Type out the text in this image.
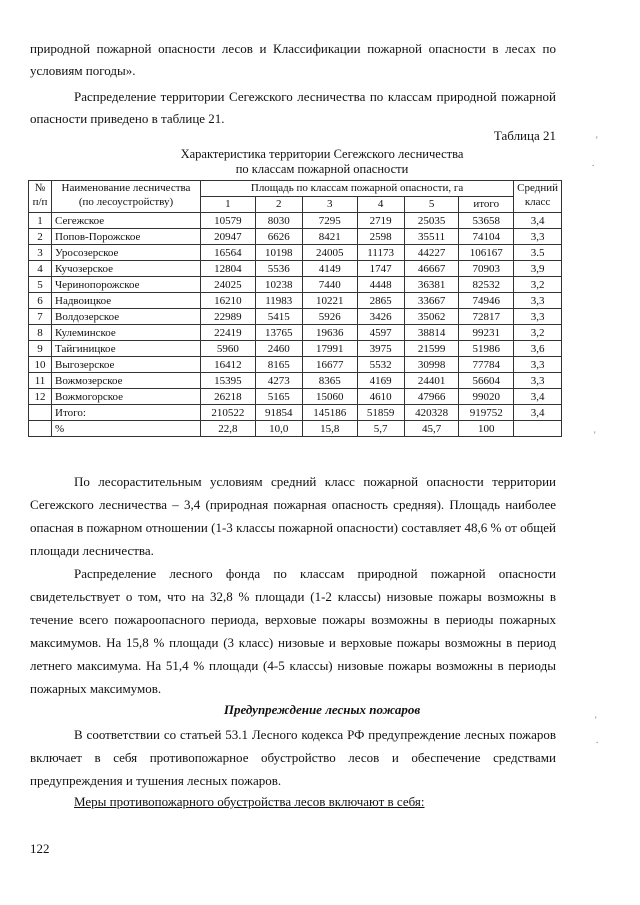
природной пожарной опасности лесов и Классификации пожарной опасности в лесах по
условиям погоды».

Распределение территории Сегежского лесничества по классам природной пожарной опасности приведено в таблице 21.

Таблица 21
Характеристика территории Сегежского лесничества
по классам пожарной опасности
№ п/п	Наименование лесничества (по лесоустройству)	Площадь по классам пожарной опасности, га						Средний класс
		1	2	3	4	5	итого	
1	Сегежское	10579	8030	7295	2719	25035	53658	3,4
2	Попов-Порожское	20947	6626	8421	2598	35511	74104	3,3
3	Уросозерское	16564	10198	24005	11173	44227	106167	3.5
4	Кучозерское	12804	5536	4149	1747	46667	70903	3,9
5	Черинопорожское	24025	10238	7440	4448	36381	82532	3,2
6	Надвоицкое	16210	11983	10221	2865	33667	74946	3,3
7	Волдозерское	22989	5415	5926	3426	35062	72817	3,3
8	Кулеминское	22419	13765	19636	4597	38814	99231	3,2
9	Тайгиницкое	5960	2460	17991	3975	21599	51986	3,6
10	Выгозерское	16412	8165	16677	5532	30998	77784	3,3
11	Вожмозерское	15395	4273	8365	4169	24401	56604	3,3
12	Вожмогорское	26218	5165	15060	4610	47966	99020	3,4
	Итого:	210522	91854	145186	51859	420328	919752	3,4
	%	22,8	10,0	15,8	5,7	45,7	100	

По лесорастительным условиям средний класс пожарной опасности территории Сегежского лесничества – 3,4 (природная пожарная опасность средняя). Площадь наиболее опасная в пожарном отношении (1-3 классы пожарной опасности) составляет 48,6 % от общей площади лесничества.

Распределение лесного фонда по классам природной пожарной опасности свидетельствует о том, что на 32,8 % площади (1-2 классы) низовые пожары возможны в течение всего пожароопасного периода, верховые пожары возможны в периоды пожарных максимумов. На 15,8 % площади (3 класс) низовые и верховые пожары возможны в период летнего максимума. На 51,4 % площади (4-5 классы) низовые пожары возможны в периоды пожарных максимумов.

Предупреждение лесных пожаров

В соответствии со статьей 53.1 Лесного кодекса РФ предупреждение лесных пожаров включает в себя противопожарное обустройство лесов и обеспечение средствами предупреждения и тушения лесных пожаров.

Меры противопожарного обустройства лесов включают в себя:

122
'
.
'
'
.
